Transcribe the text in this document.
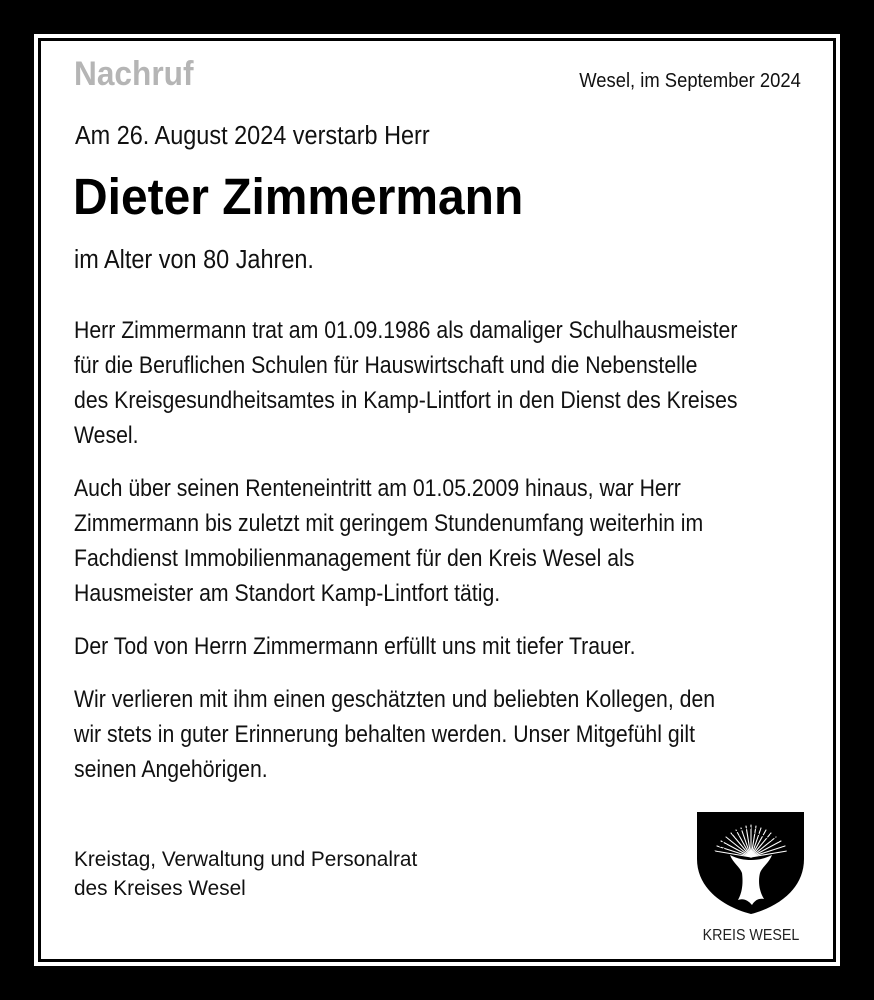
Nachruf	Wesel, im September 2024
Am 26. August 2024 verstarb Herr
Dieter Zimmermann
im Alter von 80 Jahren.
Herr Zimmermann trat am 01.09.1986 als damaliger Schulhausmeister
für die Beruflichen Schulen für Hauswirtschaft und die Nebenstelle
des Kreisgesundheitsamtes in Kamp-Lintfort in den Dienst des Kreises
Wesel.
Auch über seinen Renteneintritt am 01.05.2009 hinaus, war Herr
Zimmermann bis zuletzt mit geringem Stundenumfang weiterhin im
Fachdienst Immobilienmanagement für den Kreis Wesel als
Hausmeister am Standort Kamp-Lintfort tätig.
Der Tod von Herrn Zimmermann erfüllt uns mit tiefer Trauer.
Wir verlieren mit ihm einen geschätzten und beliebten Kollegen, den
wir stets in guter Erinnerung behalten werden. Unser Mitgefühl gilt
seinen Angehörigen.
Kreistag, Verwaltung und Personalrat
des Kreises Wesel
KREIS WESEL
